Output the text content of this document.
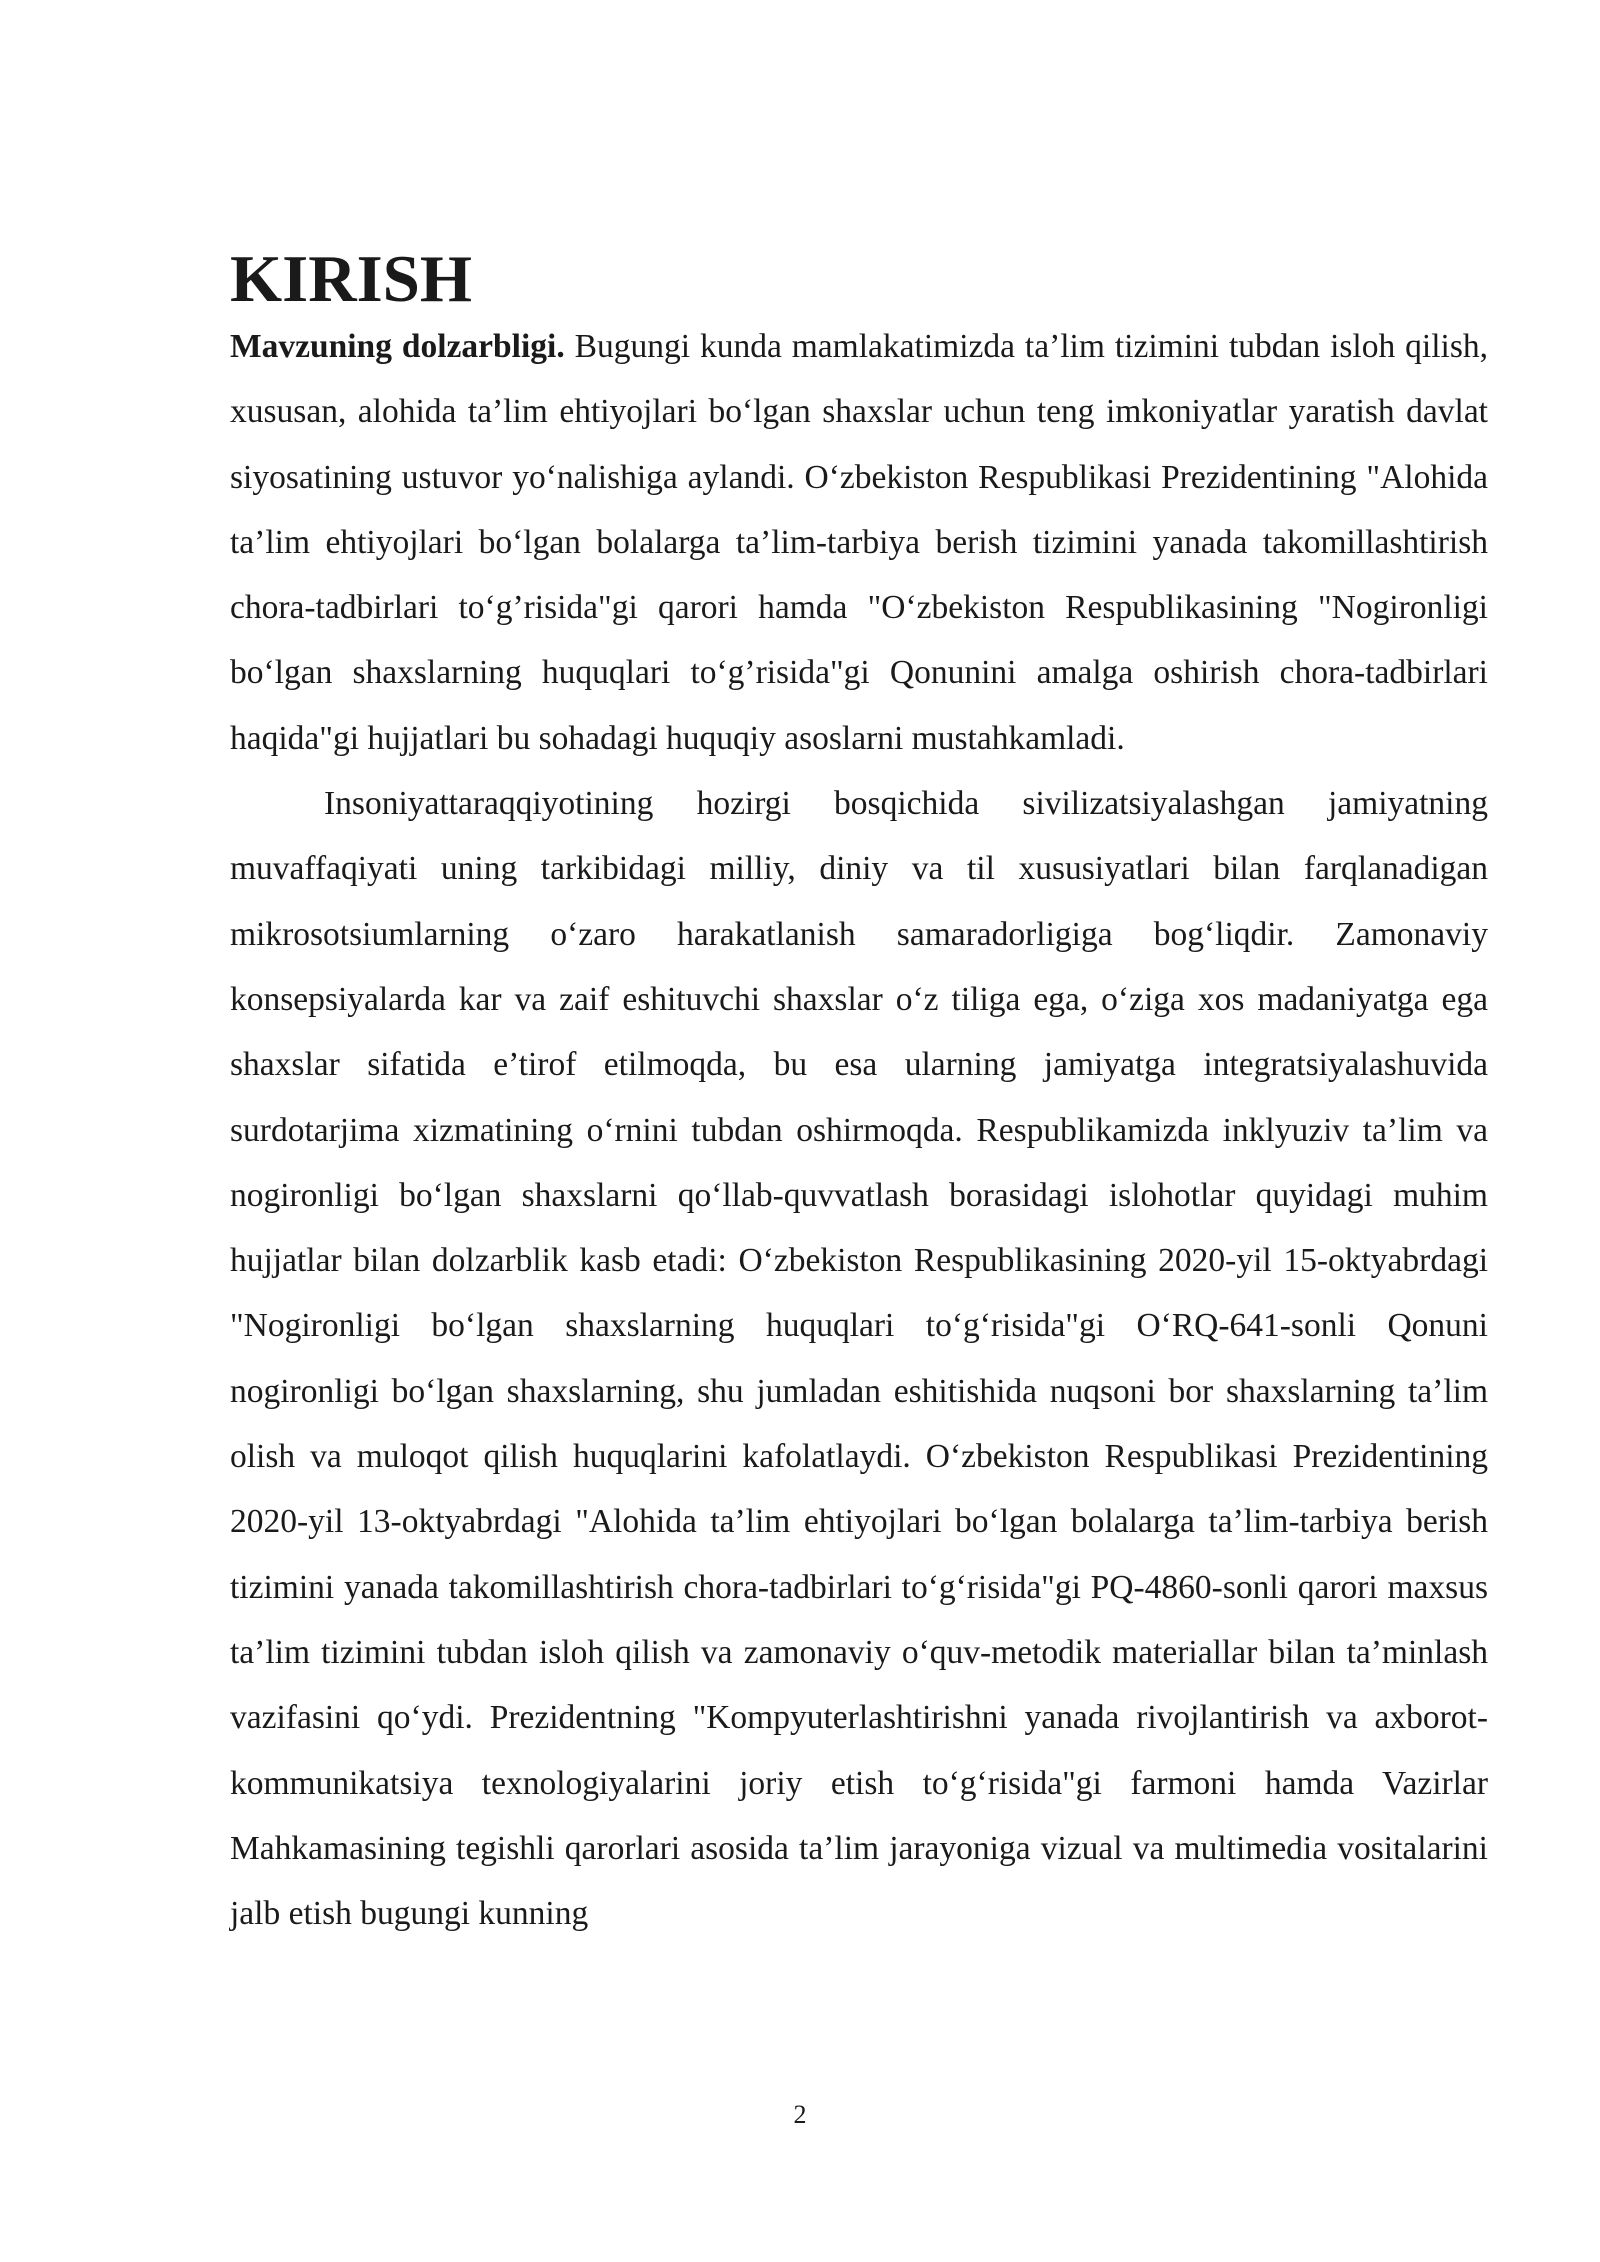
KIRISH

Mavzuning dolzarbligi. Bugungi kunda mamlakatimizda ta’lim tizimini tubdan isloh qilish, xususan, alohida ta’lim ehtiyojlari bo‘lgan shaxslar uchun teng imkoniyatlar yaratish davlat siyosatining ustuvor yo‘nalishiga aylandi. O‘zbekiston Respublikasi Prezidentining "Alohida ta’lim ehtiyojlari bo‘lgan bolalarga ta’lim-tarbiya berish tizimini yanada takomillashtirish chora-tadbirlari to‘g’risida"gi qarori hamda "O‘zbekiston Respublikasining "Nogironligi bo‘lgan shaxslarning huquqlari to‘g’risida"gi Qonunini amalga oshirish chora-tadbirlari haqida"gi hujjatlari bu sohadagi huquqiy asoslarni mustahkamladi.

Insoniyattaraqqiyotining hozirgi bosqichida sivilizatsiyalashgan jamiyatning muvaffaqiyati uning tarkibidagi milliy, diniy va til xususiyatlari bilan farqlanadigan mikrosotsiumlarning o‘zaro harakatlanish samaradorligiga bog‘liqdir. Zamonaviy konsepsiyalarda kar va zaif eshituvchi shaxslar o‘z tiliga ega, o‘ziga xos madaniyatga ega shaxslar sifatida e’tirof etilmoqda, bu esa ularning jamiyatga integratsiyalashuvida surdotarjima xizmatining o‘rnini tubdan oshirmoqda. Respublikamizda inklyuziv ta’lim va nogironligi bo‘lgan shaxslarni qo‘llab-quvvatlash borasidagi islohotlar quyidagi muhim hujjatlar bilan dolzarblik kasb etadi: O‘zbekiston Respublikasining 2020-yil 15-oktyabrdagi "Nogironligi bo‘lgan shaxslarning huquqlari to‘g‘risida"gi O‘RQ-641-sonli Qonuni nogironligi bo‘lgan shaxslarning, shu jumladan eshitishida nuqsoni bor shaxslarning ta’lim olish va muloqot qilish huquqlarini kafolatlaydi. O‘zbekiston Respublikasi Prezidentining 2020-yil 13-oktyabrdagi "Alohida ta’lim ehtiyojlari bo‘lgan bolalarga ta’lim-tarbiya berish tizimini yanada takomillashtirish chora-tadbirlari to‘g‘risida"gi PQ-4860-sonli qarori maxsus ta’lim tizimini tubdan isloh qilish va zamonaviy o‘quv-metodik materiallar bilan ta’minlash vazifasini qo‘ydi. Prezidentning "Kompyuterlashtirishni yanada rivojlantirish va axborot-kommunikatsiya texnologiyalarini joriy etish to‘g‘risida"gi farmoni hamda Vazirlar Mahkamasining tegishli qarorlari asosida ta’lim jarayoniga vizual va multimedia vositalarini jalb etish bugungi kunning

2
